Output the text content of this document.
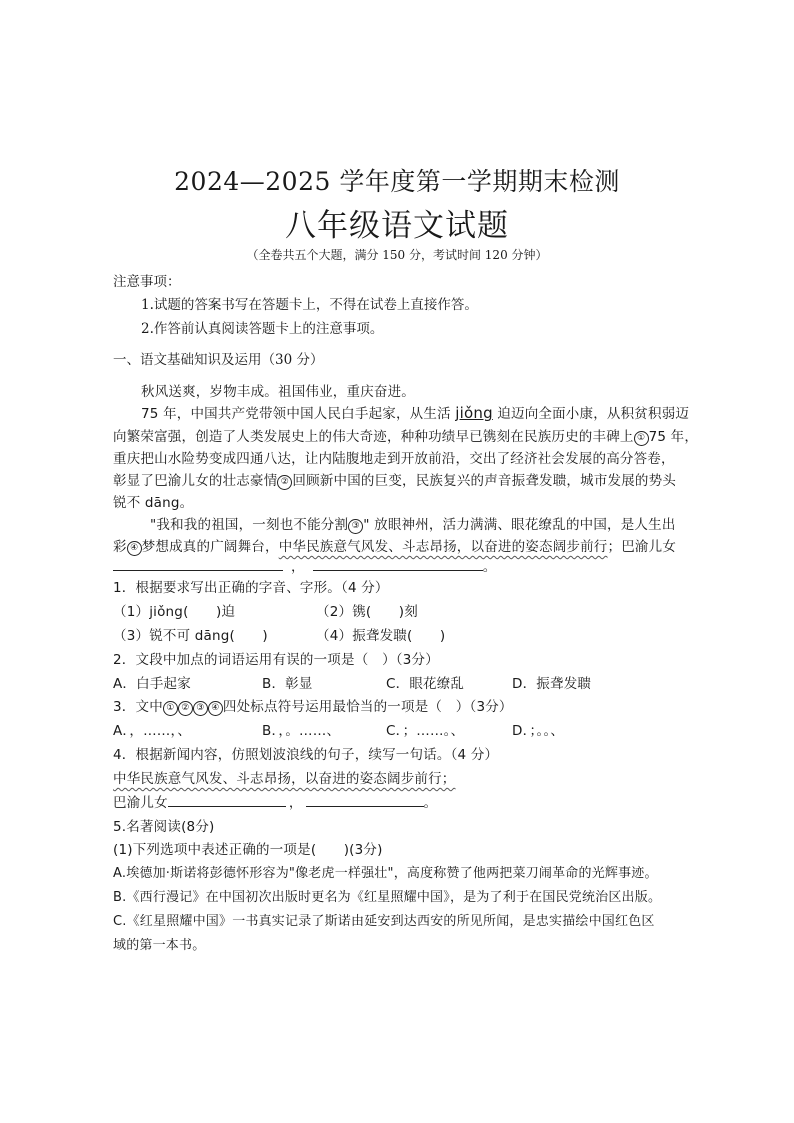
2024—2025 学年度第一学期期末检测
八年级语文试题
（全卷共五个大题，满分 150 分，考试时间 120 分钟）
注意事项：
1.试题的答案书写在答题卡上，不得在试卷上直接作答。
2.作答前认真阅读答题卡上的注意事项。
一、语文基础知识及运用（30 分）
秋风送爽，岁物丰成。祖国伟业，重庆奋进。
75 年，中国共产党带领中国人民白手起家，从生活 jiǒng 迫迈向全面小康，从积贫积弱迈
向繁荣富强，创造了人类发展史上的伟大奇迹，种种功绩早已镌刻在民族历史的丰碑上 ① 75 年，
重庆把山水险势变成四通八达，让内陆腹地走到开放前沿，交出了经济社会发展的高分答卷，
彰显了巴渝儿女的壮志豪情 ② 回顾新中国的巨变，民族复兴的声音振聋发聩，城市发展的势头
锐不 dāng。
"我和我的祖国，一刻也不能分割 ③ " 放眼神州，活力满满、眼花缭乱的中国，是人生出
彩 ④ 梦想成真的广阔舞台，中华民族意气风发、斗志昂扬，以奋进的姿态阔步前行；巴渝儿女
，	。
1．根据要求写出正确的字音、字形。（4 分）
（1）jiǒng(　　)迫	（2）镌(　　)刻
（3）锐不可 dāng(　　)	（4）振聋发聩(　　)
2．文段中加点的词语运用有误的一项是（　）（3分）
A．白手起家	B．彰显	C．眼花缭乱	D．振聋发聩
3．文中 ① ② ③ ④ 四处标点符号运用最恰当的一项是（　）（3分）
A．，……，、	B．，。……、	C．；……。、	D．；。。、
4．根据新闻内容，仿照划波浪线的句子，续写一句话。（4 分）
中华民族意气风发、斗志昂扬，以奋进的姿态阔步前行；
巴渝儿女	，	。
5.名著阅读(8分)
(1)下列选项中表述正确的一项是(　　)(3分)
A.埃德加·斯诺将彭德怀形容为"像老虎一样强壮"，高度称赞了他两把菜刀闹革命的光辉事迹。
B.《西行漫记》在中国初次出版时更名为《红星照耀中国》，是为了利于在国民党统治区出版。
C.《红星照耀中国》一书真实记录了斯诺由延安到达西安的所见所闻，是忠实描绘中国红色区
域的第一本书。
